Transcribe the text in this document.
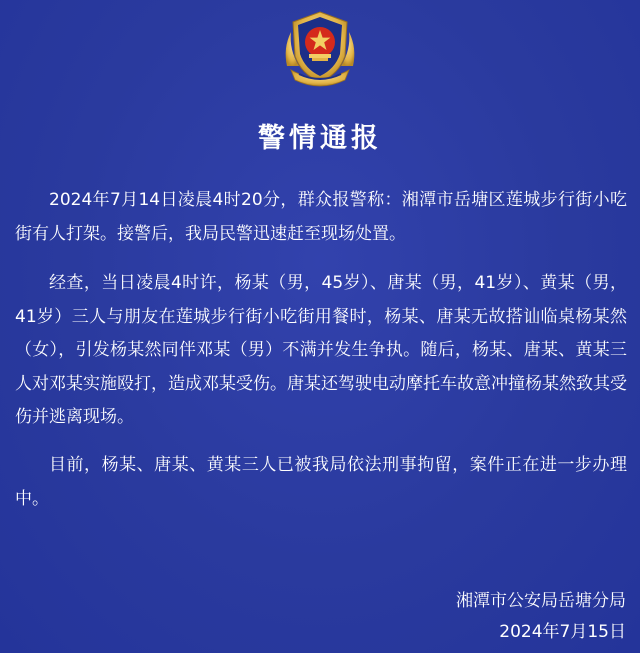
警情通报

2024年7月14日凌晨4时20分，群众报警称：湘潭市岳塘区莲城步行街小吃街有人打架。接警后，我局民警迅速赶至现场处置。

经查，当日凌晨4时许，杨某（男，45岁）、唐某（男，41岁）、黄某（男，41岁）三人与朋友在莲城步行街小吃街用餐时，杨某、唐某无故搭讪临桌杨某然（女），引发杨某然同伴邓某（男）不满并发生争执。随后，杨某、唐某、黄某三人对邓某实施殴打，造成邓某受伤。唐某还驾驶电动摩托车故意冲撞杨某然致其受伤并逃离现场。

目前，杨某、唐某、黄某三人已被我局依法刑事拘留，案件正在进一步办理中。

湘潭市公安局岳塘分局

2024年7月15日
